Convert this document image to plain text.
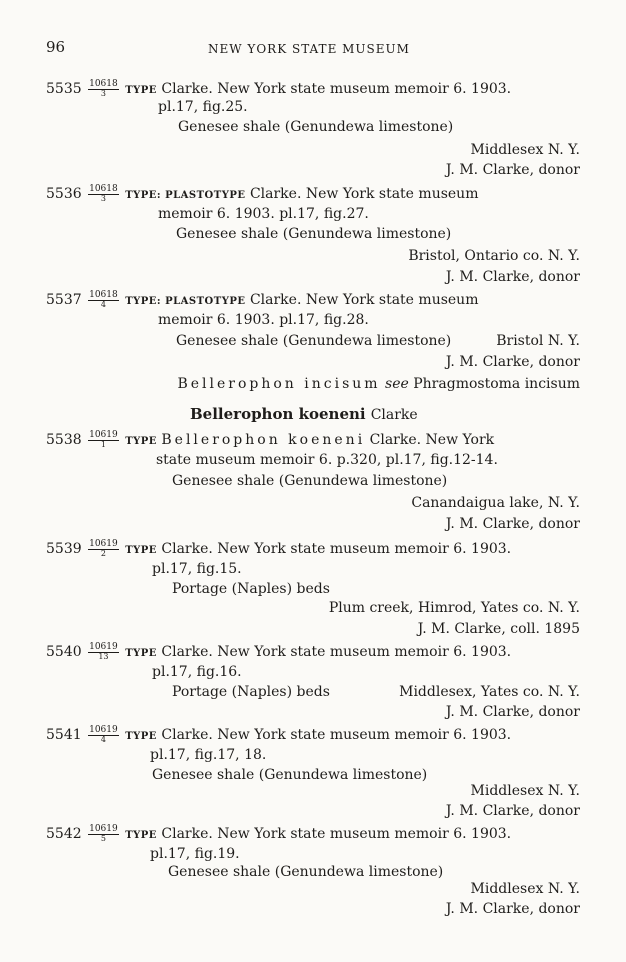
96	NEW YORK STATE MUSEUM
$5535 \frac{10618}{3}$ TYPE Clarke. New York state museum memoir 6. 1903.
pl.17, fig.25.
Genesee shale (Genundewa limestone)
Middlesex N. Y.
J. M. Clarke, donor
$5536 \frac{10618}{3}$ TYPE: PLASTOTYPE Clarke. New York state museum
memoir 6. 1903. pl.17, fig.27.
Genesee shale (Genundewa limestone)
Bristol, Ontario co. N. Y.
J. M. Clarke, donor
$5537 \frac{10618}{4}$ TYPE: PLASTOTYPE Clarke. New York state museum
memoir 6. 1903. pl.17, fig.28.
Genesee shale (Genundewa limestone)	Bristol N. Y.
J. M. Clarke, donor
Bellerophon incisum see Phragmostoma incisum
Bellerophon koeneni Clarke
$5538 \frac{10619}{1}$ TYPE Bellerophon koeneni Clarke. New York
state museum memoir 6. p.320, pl.17, fig.12-14.
Genesee shale (Genundewa limestone)
Canandaigua lake, N. Y.
J. M. Clarke, donor
$5539 \frac{10619}{2}$ TYPE Clarke. New York state museum memoir 6. 1903.
pl.17, fig.15.
Portage (Naples) beds
Plum creek, Himrod, Yates co. N. Y.
J. M. Clarke, coll. 1895
$5540 \frac{10619}{13}$ TYPE Clarke. New York state museum memoir 6. 1903.
pl.17, fig.16.
Portage (Naples) beds	Middlesex, Yates co. N. Y.
J. M. Clarke, donor
$5541 \frac{10619}{4}$ TYPE Clarke. New York state museum memoir 6. 1903.
pl.17, fig.17, 18.
Genesee shale (Genundewa limestone)
Middlesex N. Y.
J. M. Clarke, donor
$5542 \frac{10619}{5}$ TYPE Clarke. New York state museum memoir 6. 1903.
pl.17, fig.19.
Genesee shale (Genundewa limestone)
Middlesex N. Y.
J. M. Clarke, donor
